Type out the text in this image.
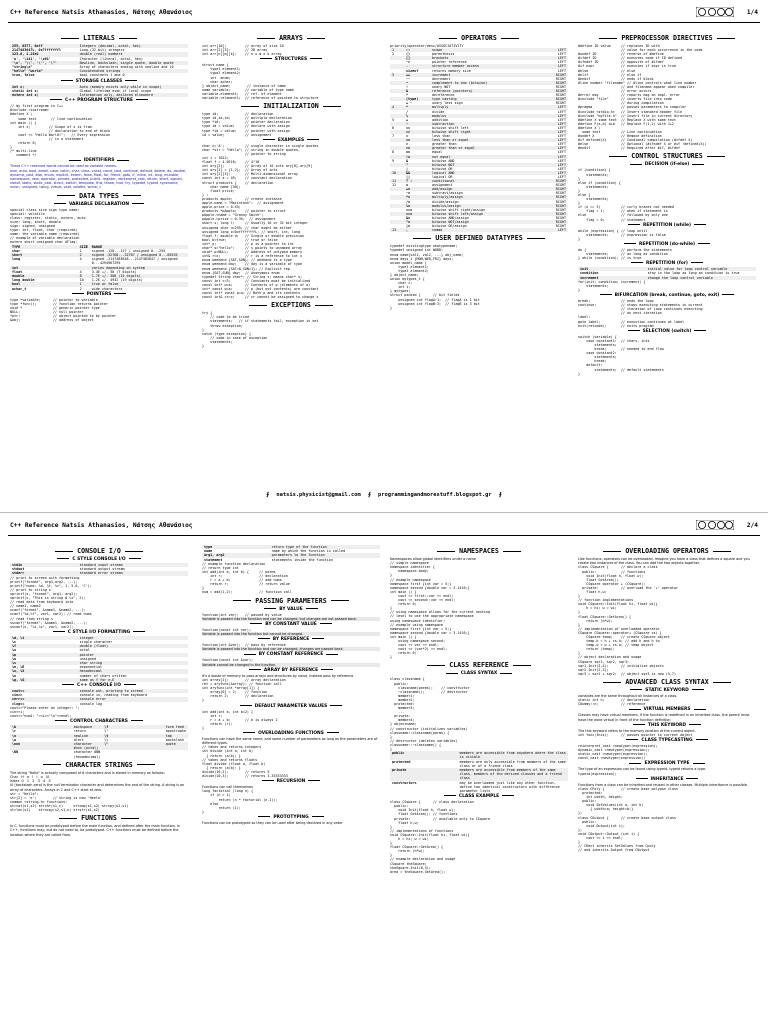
C++ Reference Natsis Athanasios, Νάτσης Αθανάσιος	1/4
LITERALS
255, 0377, 0xff	Integers (decimal, octal, hex)
2147483647L, 0x7fffffffl	Long (32-bit) integers
123.0, 1.23e2	double (real) numbers
'a', '\141', '\x61'	Character (literal, octal, hex)
'\n', '\\', '\'', '\"'	Newline, backslash, single quote, double quote
"string\n"	Array of characters ending with newline and \0
"hello" "world"	Concatenated strings
true, false	bool constants 1 and 0
STORAGE CLASSES
int x;	Auto (memory exists only while in scope)
static int x;	Global lifetime even if local scope
extern int x;	Information only, declared elsewhere
C++ PROGRAM STRUCTURE
// my first program in C++
#include <iostream>
#define X \
some text       // line continuation
int main () {
int x;         // Scope of x is from
// declaration to end of block
cout << "Hello World!";   // Every expression
// is a statement
return 0;
}
/* multi-line
comment */
IDENTIFIERS
These C++ reserved words cannot be used as variable names.
asm, auto, bool, break, case, catch, char, class, const, const_cast, continue, default, delete, do, double, dynamic_cast, else, enum, explicit, extern, false, float, for, friend, goto, if, inline, int, long, mutable, namespace, new, operator, private, protected, public, register, reinterpret_cast, return, short, signed, sizeof, static, static_cast, struct, switch, template, this, throw, true, try, typedef, typeid, typename, union, unsigned, using, virtual, void, volatile, wchar_t
DATA TYPES
VARIABLE DECLARATION
special class size sign type name;
special: volatile
class: register, static, extern, auto
size: long, short, double
sign: signed, unsigned
type: int, float, char (required)
name: the variable name (required)
// example of variable declaration
extern short unsigned char AFlag;
TYPE	SIZE	RANGE
char	1	signed -128...127 / unsigned 0...255
short	2	signed -32768...32767 / unsigned 0...65535
long	4	signed -2147483648...2147483647 / unsigned 0...4294967295
int		varies depending on system
float	4	3.4E +/- 38 (7 digits)
double	8	1.7E +/- 308 (15 digits)
long double	10	1.2E +/- 4932 (19 digits)
bool	1	true or false
wchar_t	2	wide characters
POINTERS
type *variable;      // pointer to variable
type *func();        // function returns pointer
void *               // generic pointer type
NULL;                // null pointer
*ptr;                // object pointed to by pointer
&obj;                // address of object
ARRAYS
int arr[10];         // array of size 10
int arr[2][3];       // 2D array
int arr[n][m][k];    // n x m x k array
STRUCTURES
struct name {
type1 element1;
type2 element2;
int  anum;
char achar;
} object_name;        // instance of name
name variable;       // variable of type name
variable.element1;   // ref. of element
variable->element1;  // reference of pointed to structure
INITIALIZATION
type id;             // declaration
type id,id,id;       // multiple declaration
type *id;            // pointer declaration
type id = value;     // declare with assign
type *id = value;    // pointer with assign
id = value;          // assignment
EXAMPLES
char c='A';          // single character in single quotes
char *str = "Hello"; // string in double quotes,
// pointer to string
int i = 1022;
float f = 4.0E10;    // 4^10
int ary[2];          // Array of 10 ints ary[0]-ary[9]
int ary[2] = {1,2};  // Array of ints
int ary[2][3];       // Multi-dimensional array
const int a = 45;    // constant declaration
struct products {    // declaration
char name [30];
float price;
} ;
products apple;      // create instance
apple.name = "Macintosh";  // assignment
apple.price = 0.45;
products *pApple;    // pointer to struct
pApple->name = "Granny Smith";
pApple->price = 0.35;  // assignment
short s; long l;     // Usually 16 or 32 bit integer
unsigned char u=255; // char might be either
unsigned long x=0xffffffffL; // short, int, long
float f; double d;   // Single or double precision
bool b=true;         // true or false
int* p;              // p is a pointer to int
char* s="hello";     // s points to unnamed array
void* p=NULL;        // Address of untyped memory
int& r=x;            // r is a reference to int x
enum weekend {SAT,SUN}; // weekend is a type
enum weekend day;    // day is a variable of type
enum weekend {SAT=0,SUN=1}; // Explicit rep
enum {SAT,SUN} day;  // Anonymous enum
typedef String char*; // String s; means char* s;
const int c=3;       // Constants must be initialized
const int* p=a;      // Contents of p (elements of a)
int* const p=a;      // p (but not contents) are constant
const int* const p=a; // Both p and its contents
const int& cr=x;     // cr cannot be assigned to change x
EXCEPTIONS
try {
// code to be tried
statements;   // if statements fail, exception is set
throw exception;
}
catch (type exception) {
// code in case of exception
statements;
}
OPERATORS
priority/operator/desc/ASSOCIATIVITY
1	::	scope	LEFT
2	()	parenthesis	LEFT
	[]	brackets	LEFT
	->	pointer reference	LEFT
	.	structure member access	LEFT
	sizeof	returns memory size	LEFT
3	++	increment	RIGHT
	--	decrement	RIGHT
	~	complement to one (bitwise)	RIGHT
	!	unary NOT	RIGHT
	&	reference (pointers)	RIGHT
	*	dereference	RIGHT
	(type)	type casting	RIGHT
	+ -	unary less sign	RIGHT
4	*	multiply	LEFT
	/	divide	LEFT
	%	modulus	LEFT
5	+	addition	LEFT
	-	subtraction	LEFT
6	<<	bitwise shift left	LEFT
	>>	bitwise shift right	LEFT
7	<	less than	LEFT
	<=	less than or equal	LEFT
	>	greater than	LEFT
	>=	greater than or equal	LEFT
8	==	equal	LEFT
	!=	not equal	LEFT
9	&	bitwise AND	LEFT
	^	bitwise NOT	LEFT
	|	bitwise OR	LEFT
10	&&	logical AND	LEFT
	||	logical OR	LEFT
11	? :	conditional	RIGHT
12	=	assignment	RIGHT
	+=	add/assign	RIGHT
	-=	subtract/assign	RIGHT
	*=	multiply/assign	RIGHT
	/=	divide/assign	RIGHT
	%=	modulus/assign	RIGHT
	>>=	bitwise shift right/assign	RIGHT
	<<=	bitwise shift left/assign	RIGHT
	&=	bitwise AND/assign	RIGHT
	^=	bitwise NOT/assign	RIGHT
	|=	bitwise OR/assign	RIGHT
13	,	comma	LEFT
USER DEFINED DATATYPES
typedef existingtype newtypename;
typedef unsigned int WORD;
enum name{val1, val2, ...} obj_name;
enum days_t {MON,WED,FRI} days;
union model_name {
type1 element1;
type2 element2;
} object_name;
union mytypes_t {
char c;
int i;
} mytypes;
struct packed {      // bit fields
unsigned int flagA:1;  // flagA is 1 bit
unsigned int flagB:3;  // flagB is 3 bit
}
PREPROCESSOR DIRECTIVES
#define ID value     // replaces ID with
// value for each occurrence in the code
#undef ID            // reverse of #define
#ifdef ID            // executes code if ID defined
#ifndef ID           // opposite of #ifdef
#if expr             // executes if expr is true
#else                // else
#elif                // else if
#endif               // ends if block
#line number "filename" // #line controls what line number
// and filename appear when compiler
// error occurs
#error msg           // reports msg on cmpl. error
#include "file"      // inserts file into code
// during compilation
#pragma              // passes parameters to compiler
#include <stdio.h>   // Insert standard header file
#include "myfile.h"  // Insert file in current directory
#define X some text  // Replace X with some text
#define F(a,b) a+b   // Replace F(1,2) with 1+2
#define X \
some text          // Line continuation
#undef X             // Remove definition
#if defined(X)       // Condional compilation (#ifdef X)
#else                // Optional (#ifndef X or #if !defined(X))
#endif               // Required after #if, #ifdef
CONTROL STRUCTURES
DECISION (if-else)
if (condition) {
statements;
}
else if (condition) {
statements;
}
else {
statements;
}
if (x == 3)          // curly braces not needed
flag = 1;        // when if statement is
else                 // followed by only one
flag = 0;        // statement
REPETITION (while)
while (expression) { // loop until
statements;      // expression is false
}
REPETITION (do-while)
do {                 // perform the statements
statements;      // as long as condition
} while (condition); // is true
REPETITION (for)
init	initial value for loop control variable
condition	stay in the loop as long as condition is true
increment	change the loop control variable
for(init; condition; increment) {
statements;
}
BIFURCATION (break, continue, goto, exit)
break;               // ends the loop
continue;            // stops executing statements in current
// iteration of loop continues executing
// on next iteration
label:
goto label;          // execution continues at label
exit(retcode);       // exits program
SELECTION (switch)
switch (variable) {
case constant1:  // chars, ints
statements;
break;       // needed to end flow
case constant2:
statements;
break;
default:
statements;  // default statements
}
∮ natsis.physicist@gmail.com ∮ programmingandmorestuff.blogspot.gr ∮
C++ Reference Natsis Athanasios, Νάτσης Αθανάσιος	2/4
CONSOLE I/O
C STYLE CONSOLE I/O
stdin	standard input stream
stdout	standard output stream
stderr	standard error stream
// print to screen with formatting
printf("format", arg1,arg2, ...);
printf("nums: %d, %f, %c", 1, 5.6, 'C');
// print to string s
sprintf(s, "format", arg1, arg2);
sprintf(s, "This is string # %i", 2);
// read data from keyboard into
// name1, name2
scanf("format", &name1, &name2, ...);
scanf("%d,%f", var1, var2); // read nums
// read from string s
sscanf("format", &name1, &name2, ...);
sscanf(s, "%i,%c", var1, var2);
C STYLE I/O FORMATTING
%d, %i	integer
%c	single character
%f	double (float)
%o	octal
%p	pointer
%u	unsigned
%s	char string
%e, %E	exponential
%x, %X	hexadecimal
%n	number of chars written
%g, %G	same as f for e,E
C++ CONSOLE I/O
cout<<	console out, printing to screen
cin>>	console in, reading from keyboard
cerr<<	console error
clog<<	console log
cout<<"Please enter an integer: ";
cin>>i;
cout<<"num1: "<<i<<"\n"<<endl;
CONTROL CHARACTERS
\b	backspace	\f	form feed
\r	return	\'	apostrophe
\n	newline	\t	tab
\a	alert	\\	backslash
\nnn	character #nnn (octal)	\"	quote
\NN	character #NN (hexadecimal)		
CHARACTER STRINGS
The string "Hello" is actually composed of 6 characters and is stored in memory as follows:
Char   H   e   l   l   o   \0
Index  0   1   2   3   4   5
\0 (backslash zero) is the null terminator character and determines the end of the string. A string is an array of characters. Arrays in C and C++ start at zero.
str = "Hello";
str[2] = 'e';        // string is now 'Heelo'
common <string.h> functions:
strcat(s1,s2) strchr(s1,c)     strcmp(s1,s2) strcpy(s2,s1)
strlen(s1)    strncpy(s2,s1,n) strstr(s1,s2)
FUNCTIONS
In C, functions must be prototyped before the main function, and defined after the main function. In C++, functions may, but do not need to, be prototyped. C++ functions must be defined before the location where they are called from.
type	return type of the function
name	name by which the function is called
arg1, arg2	parameters to the function
statement	statements inside the function
// example function declaration
// return type int
int add(int a, int b) {     // parms
int r;                  // declaration
r = a + b;              // add nums
return r;               // return value
}
num = add(1,2);             // function call
PASSING PARAMETERS
BY VALUE
function(int var);   // passed by value
Variable is passed into the function and can be changed, but changes are not passed back.
BY CONSTANT VALUE
function(const int var);
Variable is passed into the function but cannot be changed.
BY REFERENCE
function(int &var);  // pass by reference
Variable is passed into the function and can be changed, changes are passed back.
BY CONSTANT REFERENCE
function(const int &var);
Variable cannot be changed in the function.
ARRAY BY REFERENCE
It's a waste of memory to pass arrays and structures by value, instead pass by reference.
int array[1];        // array declaration
ret = aryfunc(&array); // function call
int aryfunc(int *array[1]) {
array[0] = 2;    // function
return 2;        // declaration
}
DEFAULT PARAMETER VALUES
int add(int a, int b=2) {
int r;
r = a + b;       // b is always 2
return (r);
}
OVERLOADING FUNCTIONS
Functions can have the same name, and same number of parameters as long as the parameters are of different types.
// takes and returns integers
int divide (int a, int b)
{ return (a/b); }
// takes and returns floats
float divide (float a, float b)
{ return (a/b); }
divide(10,2);        // returns 5
divide(10,3);        // returns 3.33333333
RECURSION
Functions can call themselves
long factorial (long n) {
if (n > 1)
return (n * factorial (n-1));
else
return (1);
}
PROTOTYPING
Functions can be prototyped so they can be used after being declared in any order
NAMESPACES
Namespaces allow global identifiers under a name
// simple namespace
namespace identifier {
namespace-body;
}
// example namespace
namespace first {int var = 5;}
namespace second {double var = 3.1416;}
int main () {
cout << first::var << endl;
cout << second::var << endl;
return 0;
}
// using namespace allows for the current nesting
// level to use the appropriate namespace
using namespace identifier;
// example using namespace
namespace first {int var = 5;}
namespace second {double var = 3.1416;}
int main () {
using namespace second;
cout << var << endl;
cout << (var*2) << endl;
return 0;
}
CLASS REFERENCE
CLASS SYNTAX
class classname {
public:
classname(parms);    // constructor
~classname();        // destructor
member1;
member2;
protected:
member3;
...
private:
member4;
} objectname;
// constructor (initializes variables)
classname::classname(parms) {
}
// destructor (deletes variables)
classname::~classname() {
}
public	members are accessible from anywhere where the class is visible
protected	members are only accessible from members of the same class or of a friend class
private	members are accessible from members of the same class, members of the derived classes and a friend class
constructors	may be overloaded just like any other function. define two identical constructors with difference parameter lists
CLASS EXAMPLE
class CSquare {      // class declaration
public:
void Init(float h, float w);
float GetArea(); // functions
private:           // available only to CSquare
float h,w;
}
// implementations of functions
void CSquare::Init(float hi, float wi){
h = hi; w = wi;
}
float CSquare::GetArea() {
return (h*w);
}
// example declaration and usage
CSquare theSquare;
theSquare.Init(8,5);
area = theSquare.GetArea();
OVERLOADING OPERATORS
Like functions, operators can be overloaded. Imagine you have a class that defines a square and you create two instances of the class. You can add the two objects together.
class CSquare {      // declare a class
public:            // functions
void Init(float h, float w);
float GetArea();
CSquare operator + (CSquare);
private:           // overload the '+' operator
float h,w;
}
// function implementations
void CSquare::Init(float hi, float wi){
h = hi; w = wi;
}
float CSquare::GetArea() {
return (h*w);
}
// implementation of overloaded operator
CSquare CSquare::operator+ (CSquare cs) {
CSquare temp;    // create CSquare object
temp.h = h + cs.h; // add h and h to
temp.w = w + cs.w; // temp object
return (temp);
}
// object declaration and usage
CSquare sqr1, sqr2, sqr3;
sqr1.Init(3,4);      // initialize objects
sqr2.Init(2,3);
sqr3 = sqr1 + sqr2;  // object sqr3 is now (5,7)
ADVANCED CLASS SYNTAX
STATIC KEYWORD
variables are the same throughout all instances of a class.
static int n;        // declaration
CDummy::n;           // reference
VIRTUAL MEMBERS
Classes may have virtual members. If the function is redefined in an inherited class, the parent must have the word virtual in front of the function definition
THIS KEYWORD
The this keyword refers to the memory location of the current object.
int func(this);      // passes pointer to current object
CLASS TYPECASTING
reinterpret_cast <newtype>(expression);
dynamic_cast <newtype>(expression);
static_cast <newtype>(expression);
const_cast <newtype>(expression);
EXPRESSION TYPE
The type of an expression can be found using typeid. typeid returns a type.
typeid(expression);
INHERITANCE
Functions from a class can be inherited and reused in other classes. Multiple inheritance is possible.
class CPoly {        // create base polygon class
protected:
int width, height;
public:
void SetValues(int a, int b)
{ width=a; height=b;}
};
class COutput {      // create base output class
public:
void Output(int i);
};
void COutput::Output (int i) {
cout << i << endl;
}
// CRect inherits SetValues from Cpoly
// and inherits Output from COutput
